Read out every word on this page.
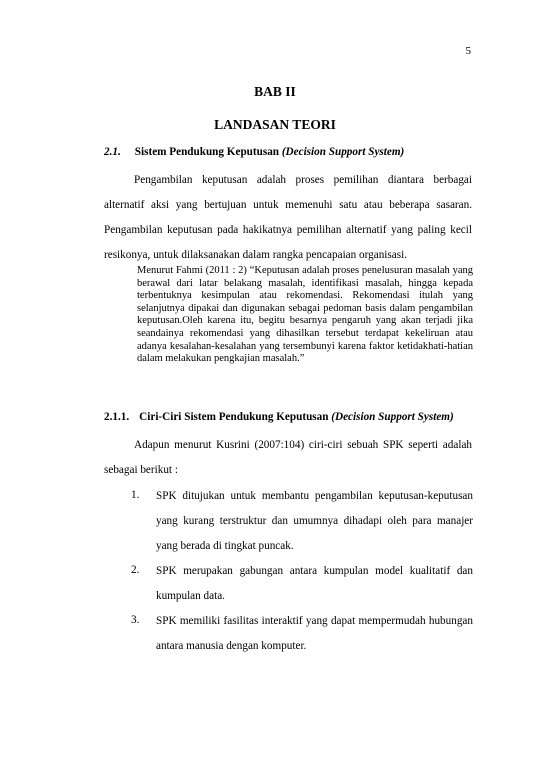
5
BAB II
LANDASAN TEORI
2.1. Sistem Pendukung Keputusan (Decision Support System)
Pengambilan keputusan adalah proses pemilihan diantara berbagai
alternatif aksi yang bertujuan untuk memenuhi satu atau beberapa sasaran.
Pengambilan keputusan pada hakikatnya pemilihan alternatif yang paling kecil
resikonya, untuk dilaksanakan dalam rangka pencapaian organisasi.
Menurut Fahmi (2011 : 2) “Keputusan adalah proses penelusuran masalah yang berawal dari latar belakang masalah, identifikasi masalah, hingga kepada terbentuknya kesimpulan atau rekomendasi. Rekomendasi itulah yang selanjutnya dipakai dan digunakan sebagai pedoman basis dalam pengambilan keputusan.Oleh karena itu, begitu besarnya pengaruh yang akan terjadi jika seandainya rekomendasi yang dihasilkan tersebut terdapat kekeliruan atau adanya kesalahan-kesalahan yang tersembunyi karena faktor ketidakhati-hatian dalam melakukan pengkajian masalah.”
2.1.1. Ciri-Ciri Sistem Pendukung Keputusan (Decision Support System)
Adapun menurut Kusrini (2007:104) ciri-ciri sebuah SPK seperti adalah
sebagai berikut :
1. SPK ditujukan untuk membantu pengambilan keputusan-keputusan
yang kurang terstruktur dan umumnya dihadapi oleh para manajer
yang berada di tingkat puncak.
2. SPK merupakan gabungan antara kumpulan model kualitatif dan
kumpulan data.
3. SPK memiliki fasilitas interaktif yang dapat mempermudah hubungan
antara manusia dengan komputer.
